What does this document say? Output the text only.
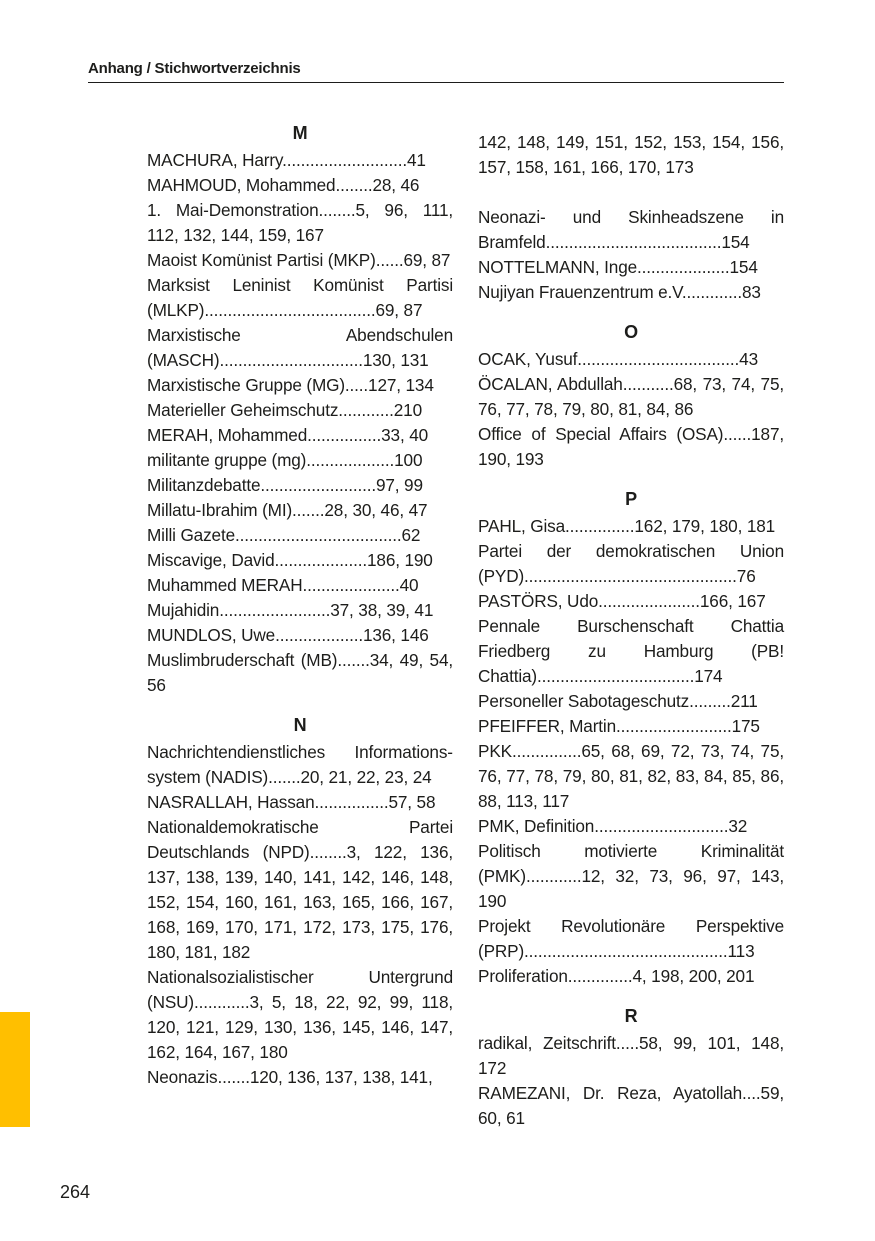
Anhang / Stichwortverzeichnis
M
MACHURA, Harry...........................41
MAHMOUD, Mohammed........28, 46
1. Mai-Demonstration........5, 96, 111, 112, 132, 144, 159, 167
Maoist Komünist Partisi (MKP)......69, 87
Marksist Leninist Komünist Partisi (MLKP).....................................69, 87
Marxistische Abendschulen (MASCH)...............................130, 131
Marxistische Gruppe (MG).....127, 134
Materieller Geheimschutz............210
MERAH, Mohammed................33, 40
militante gruppe (mg)...................100
Militanzdebatte.........................97, 99
Millatu-Ibrahim (MI).......28, 30, 46, 47
Milli Gazete....................................62
Miscavige, David....................186, 190
Muhammed MERAH.....................40
Mujahidin........................37, 38, 39, 41
MUNDLOS, Uwe...................136, 146
Muslimbruderschaft (MB).......34, 49, 54, 56
N
Nachrichtendienstliches Informationssystem (NADIS).......20, 21, 22, 23, 24
NASRALLAH, Hassan................57, 58
Nationaldemokratische Partei Deutschlands (NPD)........3, 122, 136, 137, 138, 139, 140, 141, 142, 146, 148, 152, 154, 160, 161, 163, 165, 166, 167, 168, 169, 170, 171, 172, 173, 175, 176, 180, 181, 182
Nationalsozialistischer Untergrund (NSU)............3, 5, 18, 22, 92, 99, 118, 120, 121, 129, 130, 136, 145, 146, 147, 162, 164, 167, 180
Neonazis.......120, 136, 137, 138, 141,
142, 148, 149, 151, 152, 153, 154, 156, 157, 158, 161, 166, 170, 173
Neonazi- und Skinheadszene in Bramfeld......................................154
NOTTELMANN, Inge....................154
Nujiyan Frauenzentrum e.V.............83
O
OCAK, Yusuf...................................43
ÖCALAN, Abdullah...........68, 73, 74, 75, 76, 77, 78, 79, 80, 81, 84, 86
Office of Special Affairs (OSA)......187, 190, 193
P
PAHL, Gisa...............162, 179, 180, 181
Partei der demokratischen Union (PYD)..............................................76
PASTÖRS, Udo......................166, 167
Pennale Burschenschaft Chattia Friedberg zu Hamburg (PB! Chattia)..................................174
Personeller Sabotageschutz.........211
PFEIFFER, Martin.........................175
PKK...............65, 68, 69, 72, 73, 74, 75, 76, 77, 78, 79, 80, 81, 82, 83, 84, 85, 86, 88, 113, 117
PMK, Definition.............................32
Politisch motivierte Kriminalität (PMK)............12, 32, 73, 96, 97, 143, 190
Projekt Revolutionäre Perspektive (PRP)............................................113
Proliferation..............4, 198, 200, 201
R
radikal, Zeitschrift.....58, 99, 101, 148, 172
RAMEZANI, Dr. Reza, Ayatollah....59, 60, 61
264
